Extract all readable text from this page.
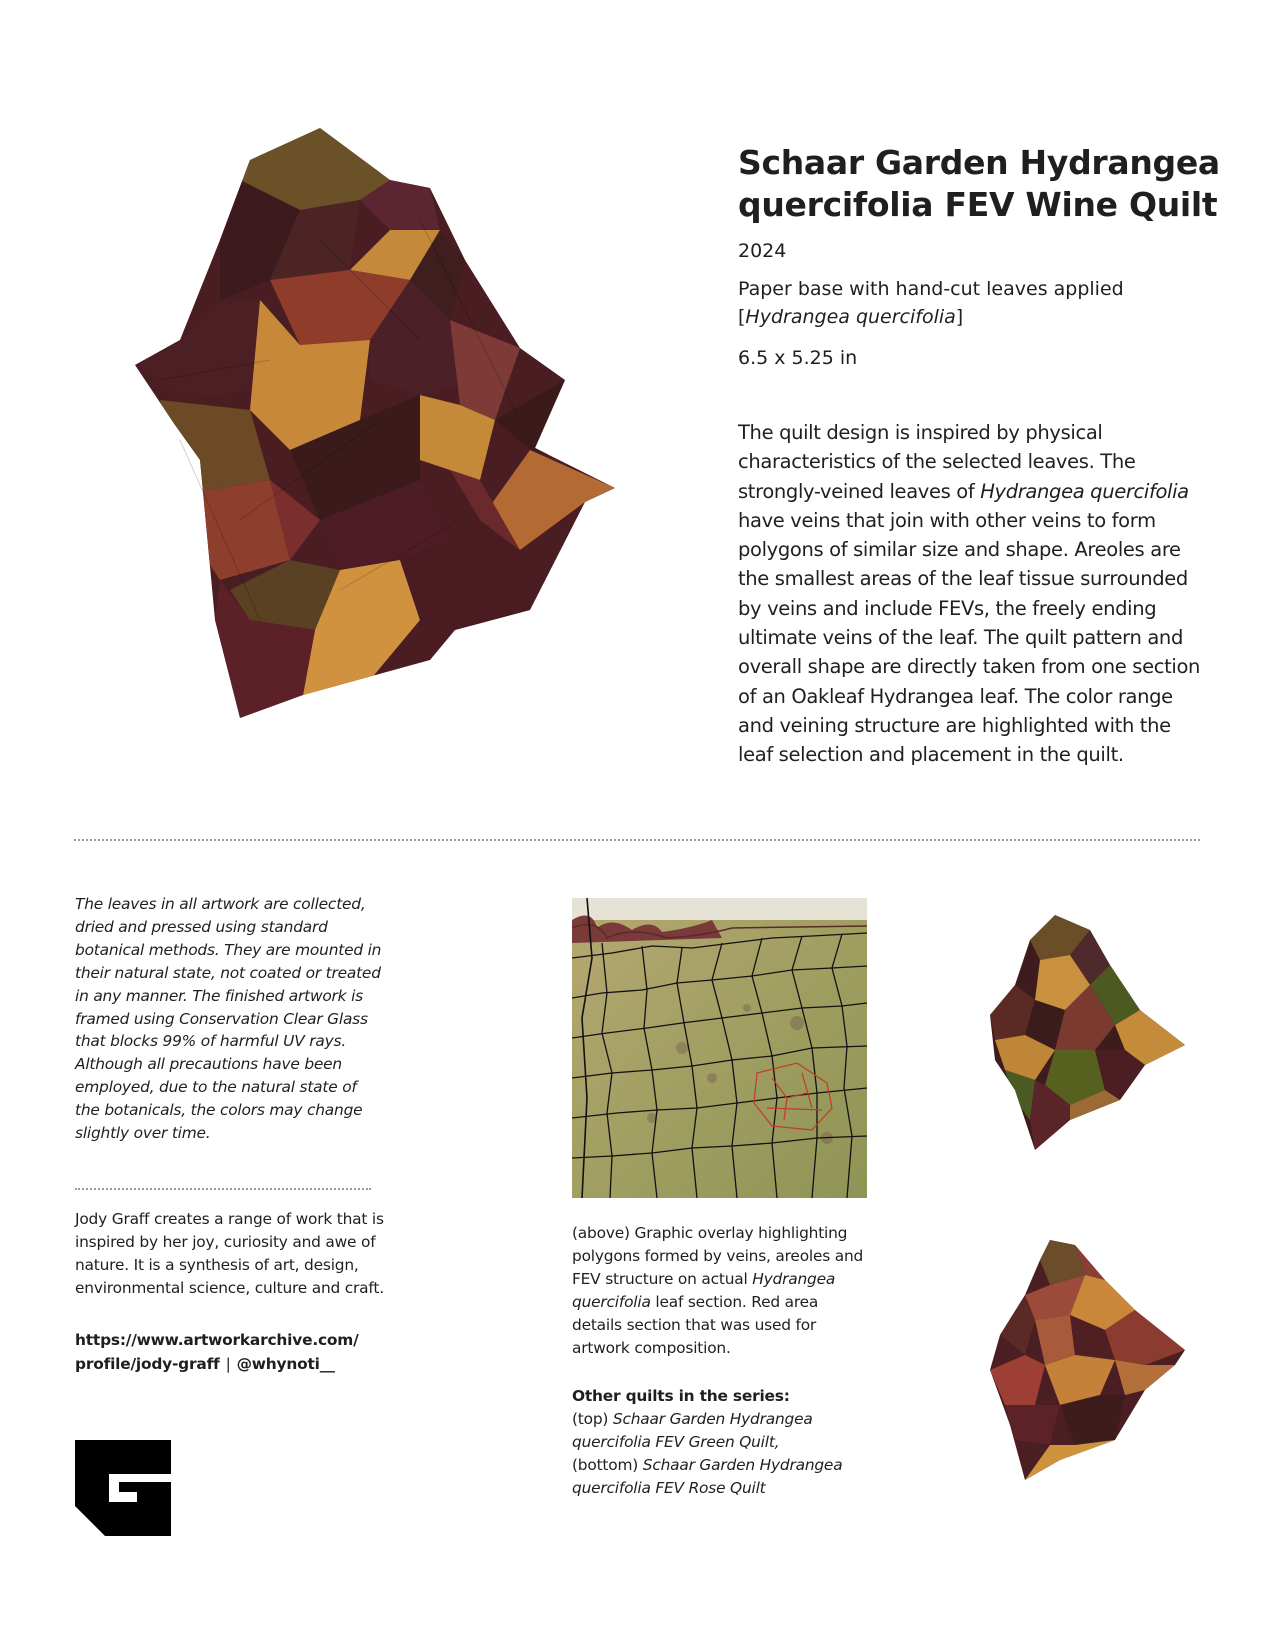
Schaar Garden Hydrangea
quercifolia FEV Wine Quilt

2024

Paper base with hand-cut leaves applied
[Hydrangea quercifolia]

6.5 x 5.25 in

The quilt design is inspired by physical characteristics of the selected leaves. The strongly-veined leaves of Hydrangea quercifolia have veins that join with other veins to form polygons of similar size and shape. Areoles are the smallest areas of the leaf tissue surrounded by veins and include FEVs, the freely ending ultimate veins of the leaf. The quilt pattern and overall shape are directly taken from one section of an Oakleaf Hydrangea leaf. The color range and veining structure are highlighted with the leaf selection and placement in the quilt.

The leaves in all artwork are collected, dried and pressed using standard botanical methods. They are mounted in their natural state, not coated or treated in any manner. The finished artwork is framed using Conservation Clear Glass that blocks 99% of harmful UV rays. Although all precautions have been employed, due to the natural state of the botanicals, the colors may change slightly over time.

Jody Graff creates a range of work that is inspired by her joy, curiosity and awe of nature. It is a synthesis of art, design, environmental science, culture and craft.

https://www.artworkarchive.com/
profile/jody-graff | @whynoti__

(above) Graphic overlay highlighting polygons formed by veins, areoles and FEV structure on actual Hydrangea quercifolia leaf section. Red area details section that was used for artwork composition.

Other quilts in the series:
(top) Schaar Garden Hydrangea quercifolia FEV Green Quilt,
(bottom) Schaar Garden Hydrangea quercifolia FEV Rose Quilt
